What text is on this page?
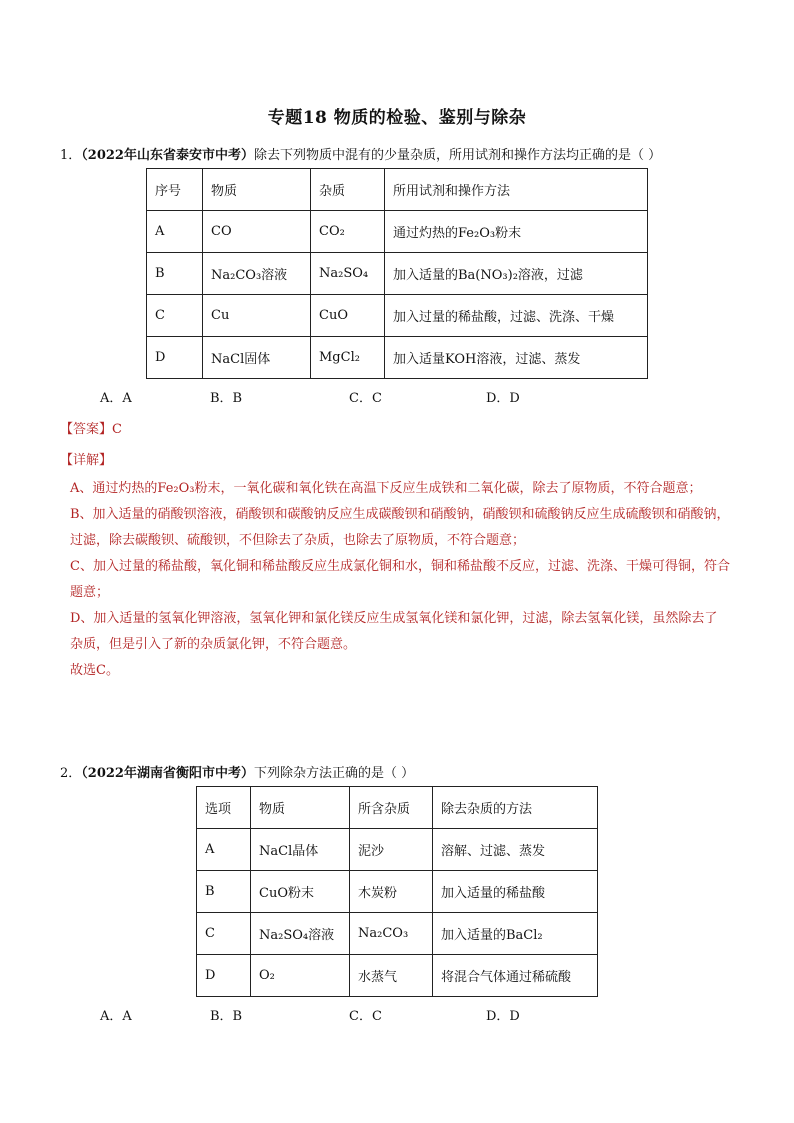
专题18 物质的检验、鉴别与除杂
1．（2022年山东省泰安市中考）除去下列物质中混有的少量杂质，所用试剂和操作方法均正确的是（ ）
序号	物质	杂质	所用试剂和操作方法
A	CO	CO₂	通过灼热的Fe₂O₃粉末
B	Na₂CO₃溶液	Na₂SO₄	加入适量的Ba(NO₃)₂溶液，过滤
C	Cu	CuO	加入过量的稀盐酸，过滤、洗涤、干燥
D	NaCl固体	MgCl₂	加入适量KOH溶液，过滤、蒸发
A．A	B．B	C．C	D．D
【答案】C
【详解】

A、通过灼热的Fe₂O₃粉末，一氧化碳和氧化铁在高温下反应生成铁和二氧化碳，除去了原物质，不符合题意；

B、加入适量的硝酸钡溶液，硝酸钡和碳酸钠反应生成碳酸钡和硝酸钠，硝酸钡和硫酸钠反应生成硫酸钡和硝酸钠，过滤，除去碳酸钡、硫酸钡，不但除去了杂质，也除去了原物质，不符合题意；

C、加入过量的稀盐酸，氧化铜和稀盐酸反应生成氯化铜和水，铜和稀盐酸不反应，过滤、洗涤、干燥可得铜，符合题意；

D、加入适量的氢氧化钾溶液，氢氧化钾和氯化镁反应生成氢氧化镁和氯化钾，过滤，除去氢氧化镁，虽然除去了杂质，但是引入了新的杂质氯化钾，不符合题意。

故选C。

2．（2022年湖南省衡阳市中考）下列除杂方法正确的是（ ）
选项	物质	所含杂质	除去杂质的方法
A	NaCl晶体	泥沙	溶解、过滤、蒸发
B	CuO粉末	木炭粉	加入适量的稀盐酸
C	Na₂SO₄溶液	Na₂CO₃	加入适量的BaCl₂
D	O₂	水蒸气	将混合气体通过稀硫酸
A．A	B．B	C．C	D．D
